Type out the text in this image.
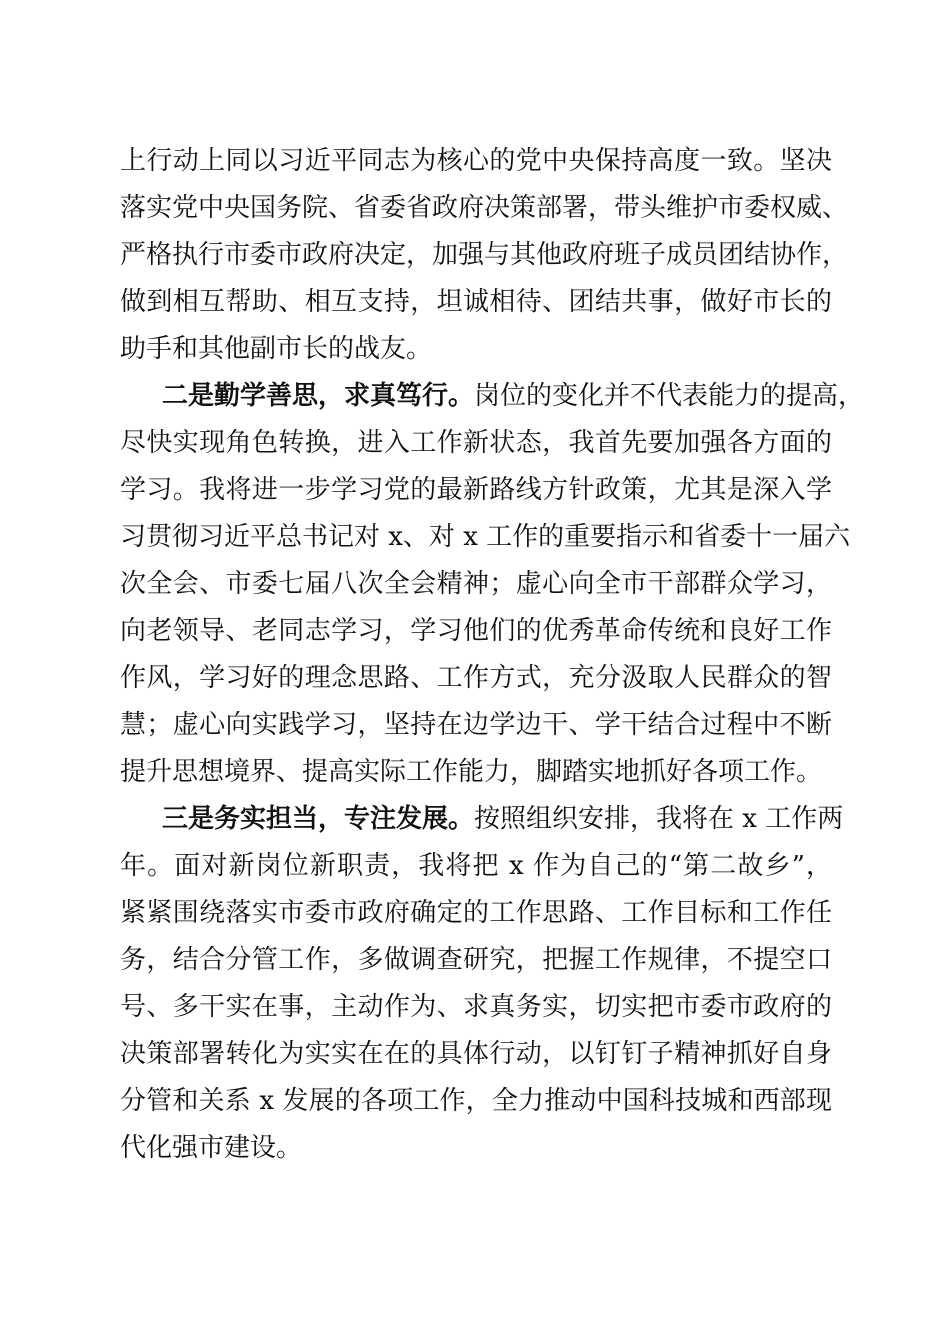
上行动上同以习近平同志为核心的党中央保持高度一致。坚决
落实党中央国务院、省委省政府决策部署，带头维护市委权威、
严格执行市委市政府决定，加强与其他政府班子成员团结协作，
做到相互帮助、相互支持，坦诚相待、团结共事，做好市长的
助手和其他副市长的战友。
二是勤学善思，求真笃行。岗位的变化并不代表能力的提高，
尽快实现角色转换，进入工作新状态，我首先要加强各方面的
学习。我将进一步学习党的最新路线方针政策，尤其是深入学
习贯彻习近平总书记对 x、对 x 工作的重要指示和省委十一届六
次全会、市委七届八次全会精神；虚心向全市干部群众学习，
向老领导、老同志学习，学习他们的优秀革命传统和良好工作
作风，学习好的理念思路、工作方式，充分汲取人民群众的智
慧；虚心向实践学习，坚持在边学边干、学干结合过程中不断
提升思想境界、提高实际工作能力，脚踏实地抓好各项工作。
三是务实担当，专注发展。按照组织安排，我将在 x 工作两
年。面对新岗位新职责，我将把 x 作为自己的“第二故乡”，
紧紧围绕落实市委市政府确定的工作思路、工作目标和工作任
务，结合分管工作，多做调查研究，把握工作规律，不提空口
号、多干实在事，主动作为、求真务实，切实把市委市政府的
决策部署转化为实实在在的具体行动，以钉钉子精神抓好自身
分管和关系 x 发展的各项工作，全力推动中国科技城和西部现
代化强市建设。
